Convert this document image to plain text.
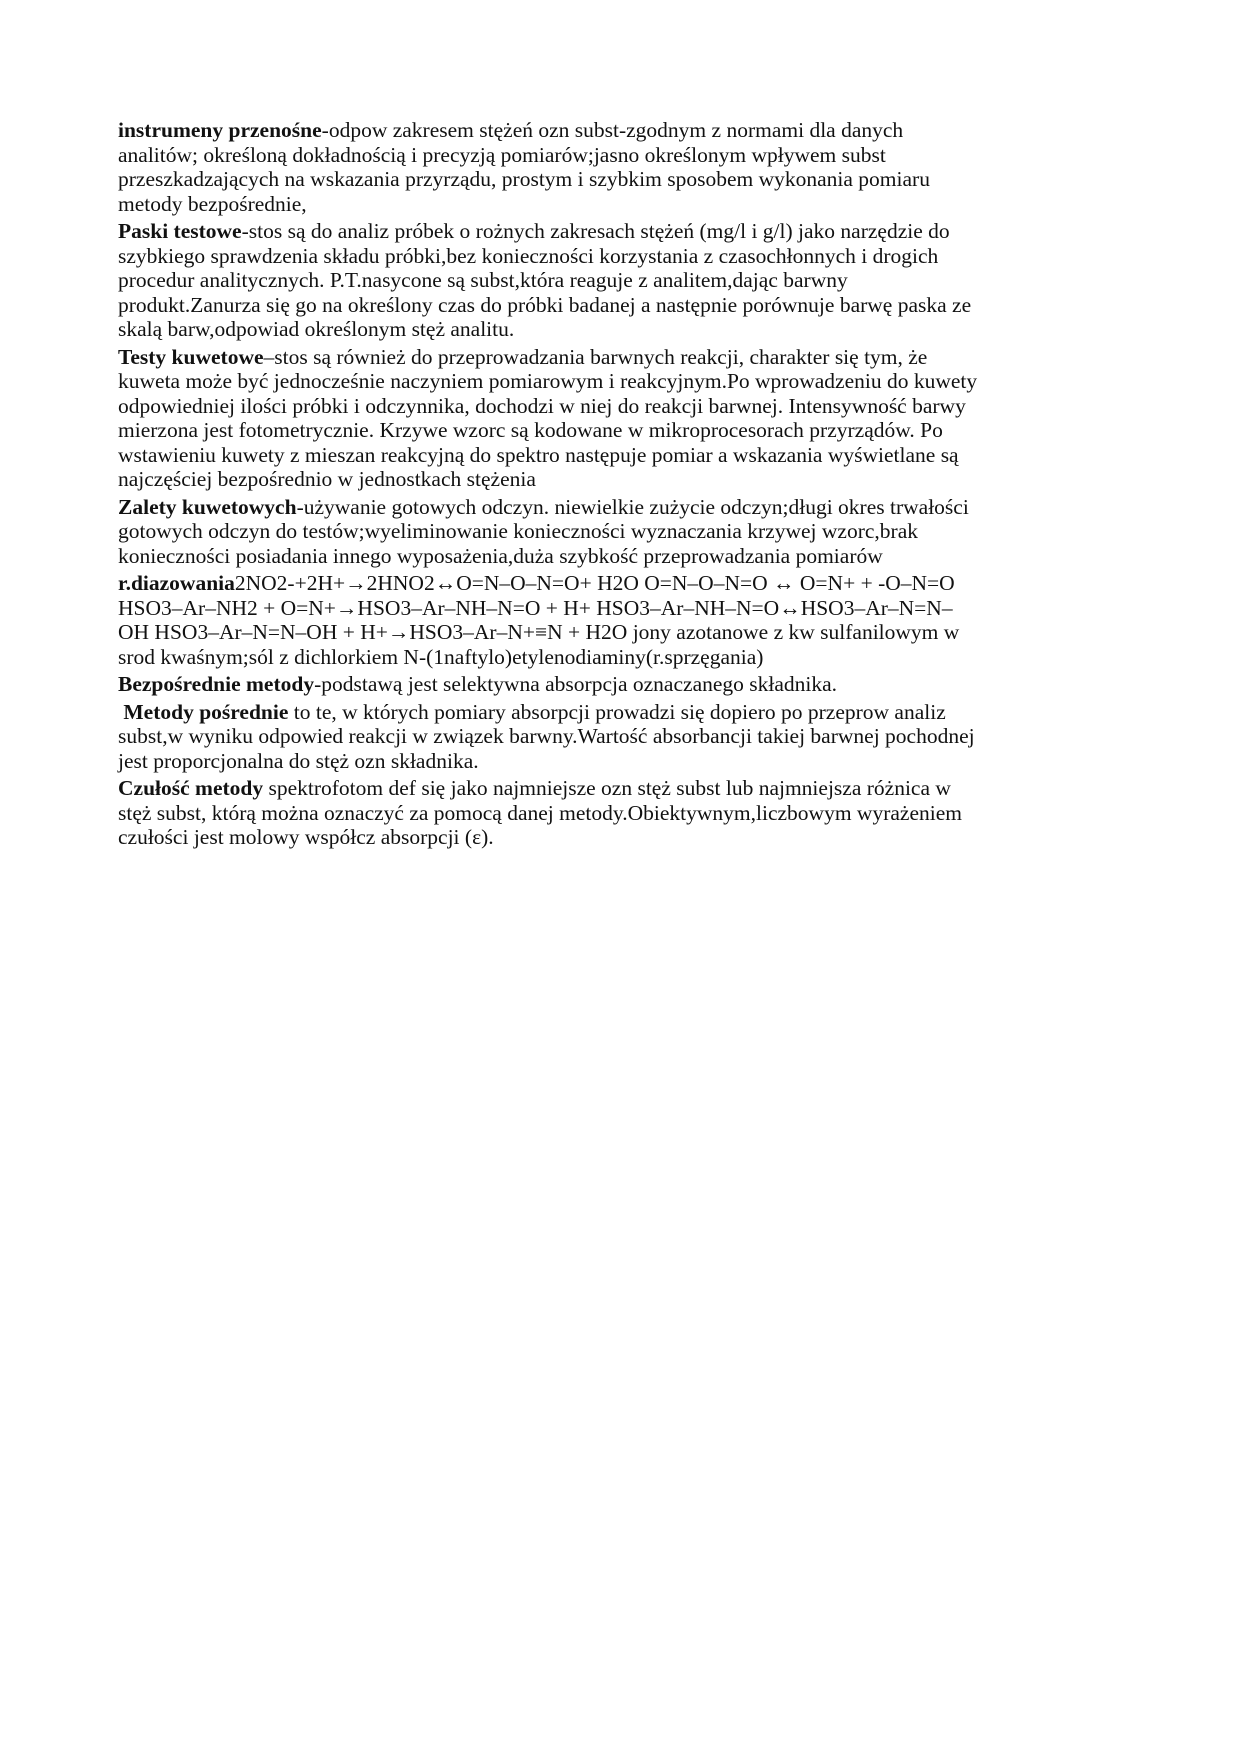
instrumeny przenośne-odpow zakresem stężeń ozn subst-zgodnym z normami dla danych
analitów; określoną dokładnością i precyzją pomiarów;jasno określonym wpływem subst
przeszkadzających na wskazania przyrządu, prostym i szybkim sposobem wykonania pomiaru
metody bezpośrednie,

Paski testowe-stos są do analiz próbek o rożnych zakresach stężeń (mg/l i g/l) jako narzędzie do
szybkiego sprawdzenia składu próbki,bez konieczności korzystania z czasochłonnych i drogich
procedur analitycznych. P.T.nasycone są subst,która reaguje z analitem,dając barwny
produkt.Zanurza się go na określony czas do próbki badanej a następnie porównuje barwę paska ze
skalą barw,odpowiad określonym stęż analitu.

Testy kuwetowe–stos są również do przeprowadzania barwnych reakcji, charakter się tym, że
kuweta może być jednocześnie naczyniem pomiarowym i reakcyjnym.Po wprowadzeniu do kuwety
odpowiedniej ilości próbki i odczynnika, dochodzi w niej do reakcji barwnej. Intensywność barwy
mierzona jest fotometrycznie. Krzywe wzorc są kodowane w mikroprocesorach przyrządów. Po
wstawieniu kuwety z mieszan reakcyjną do spektro następuje pomiar a wskazania wyświetlane są
najczęściej bezpośrednio w jednostkach stężenia

Zalety kuwetowych-używanie gotowych odczyn. niewielkie zużycie odczyn;długi okres trwałości
gotowych odczyn do testów;wyeliminowanie konieczności wyznaczania krzywej wzorc,brak
konieczności posiadania innego wyposażenia,duża szybkość przeprowadzania pomiarów

r.diazowania2NO2-+2H+→2HNO2↔O=N–O–N=O+ H2O O=N–O–N=O ↔ O=N+ + -O–N=O
HSO3–Ar–NH2 + O=N+→HSO3–Ar–NH–N=O + H+ HSO3–Ar–NH–N=O↔HSO3–Ar–N=N–
OH HSO3–Ar–N=N–OH + H+→HSO3–Ar–N+≡N + H2O jony azotanowe z kw sulfanilowym w
srod kwaśnym;sól z dichlorkiem N-(1naftylo)etylenodiaminy(r.sprzęgania)

Bezpośrednie metody-podstawą jest selektywna absorpcja oznaczanego składnika.

Metody pośrednie to te, w których pomiary absorpcji prowadzi się dopiero po przeprow analiz
subst,w wyniku odpowied reakcji w związek barwny.Wartość absorbancji takiej barwnej pochodnej
jest proporcjonalna do stęż ozn składnika.

Czułość metody spektrofotom def się jako najmniejsze ozn stęż subst lub najmniejsza różnica w
stęż subst, którą można oznaczyć za pomocą danej metody.Obiektywnym,liczbowym wyrażeniem
czułości jest molowy współcz absorpcji (ε).
